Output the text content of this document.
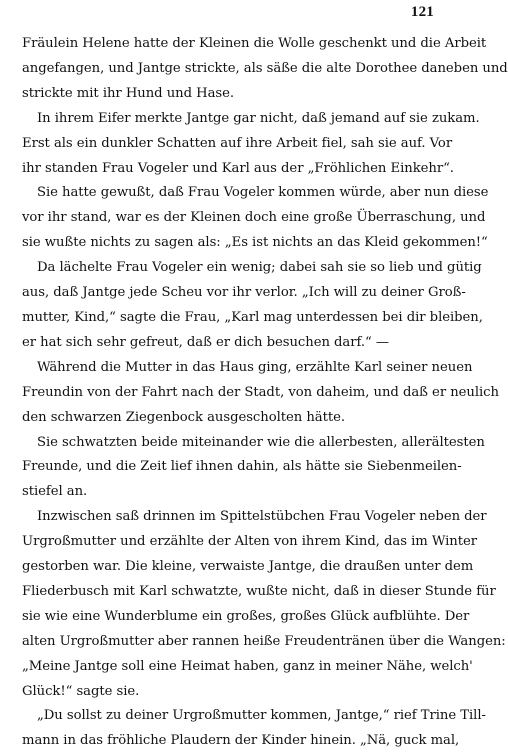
121
Fräulein Helene hatte der Kleinen die Wolle geschenkt und die Arbeit
angefangen, und Jantge strickte, als säße die alte Dorothee daneben und
strickte mit ihr Hund und Hase.
In ihrem Eifer merkte Jantge gar nicht, daß jemand auf sie zukam.
Erst als ein dunkler Schatten auf ihre Arbeit fiel, sah sie auf. Vor
ihr standen Frau Vogeler und Karl aus der „Fröhlichen Einkehr“.
Sie hatte gewußt, daß Frau Vogeler kommen würde, aber nun diese
vor ihr stand, war es der Kleinen doch eine große Überraschung, und
sie wußte nichts zu sagen als: „Es ist nichts an das Kleid gekommen!“
Da lächelte Frau Vogeler ein wenig; dabei sah sie so lieb und gütig
aus, daß Jantge jede Scheu vor ihr verlor. „Ich will zu deiner Groß-
mutter, Kind,“ sagte die Frau, „Karl mag unterdessen bei dir bleiben,
er hat sich sehr gefreut, daß er dich besuchen darf.“ —
Während die Mutter in das Haus ging, erzählte Karl seiner neuen
Freundin von der Fahrt nach der Stadt, von daheim, und daß er neulich
den schwarzen Ziegenbock ausgescholten hätte.
Sie schwatzten beide miteinander wie die allerbesten, allerältesten
Freunde, und die Zeit lief ihnen dahin, als hätte sie Siebenmeilen-
stiefel an.
Inzwischen saß drinnen im Spittelstübchen Frau Vogeler neben der
Urgroßmutter und erzählte der Alten von ihrem Kind, das im Winter
gestorben war. Die kleine, verwaiste Jantge, die draußen unter dem
Fliederbusch mit Karl schwatzte, wußte nicht, daß in dieser Stunde für
sie wie eine Wunderblume ein großes, großes Glück aufblühte. Der
alten Urgroßmutter aber rannen heiße Freudentränen über die Wangen:
„Meine Jantge soll eine Heimat haben, ganz in meiner Nähe, welch'
Glück!“ sagte sie.
„Du sollst zu deiner Urgroßmutter kommen, Jantge,“ rief Trine Till-
mann in das fröhliche Plaudern der Kinder hinein. „Nä, guck mal,
